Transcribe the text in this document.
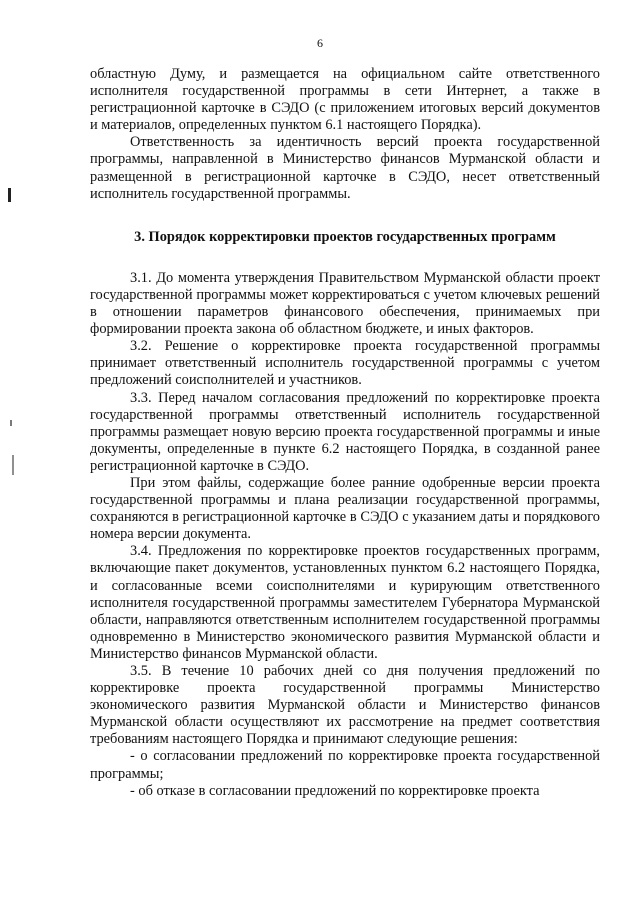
6

областную Думу, и размещается на официальном сайте ответственного исполнителя государственной программы в сети Интернет, а также в регистрационной карточке в СЭДО (с приложением итоговых версий документов и материалов, определенных пунктом 6.1 настоящего Порядка).

Ответственность за идентичность версий проекта государственной программы, направленной в Министерство финансов Мурманской области и размещенной в регистрационной карточке в СЭДО, несет ответственный исполнитель государственной программы.

3. Порядок корректировки проектов государственных программ

3.1. До момента утверждения Правительством Мурманской области проект государственной программы может корректироваться с учетом ключевых решений в отношении параметров финансового обеспечения, принимаемых при формировании проекта закона об областном бюджете, и иных факторов.

3.2. Решение о корректировке проекта государственной программы принимает ответственный исполнитель государственной программы с учетом предложений соисполнителей и участников.

3.3. Перед началом согласования предложений по корректировке проекта государственной программы ответственный исполнитель государственной программы размещает новую версию проекта государственной программы и иные документы, определенные в пункте 6.2 настоящего Порядка, в созданной ранее регистрационной карточке в СЭДО.

При этом файлы, содержащие более ранние одобренные версии проекта государственной программы и плана реализации государственной программы, сохраняются в регистрационной карточке в СЭДО с указанием даты и порядкового номера версии документа.

3.4. Предложения по корректировке проектов государственных программ, включающие пакет документов, установленных пунктом 6.2 настоящего Порядка, и согласованные всеми соисполнителями и курирующим ответственного исполнителя государственной программы заместителем Губернатора Мурманской области, направляются ответственным исполнителем государственной программы одновременно в Министерство экономического развития Мурманской области и Министерство финансов Мурманской области.

3.5. В течение 10 рабочих дней со дня получения предложений по корректировке проекта государственной программы Министерство экономического развития Мурманской области и Министерство финансов Мурманской области осуществляют их рассмотрение на предмет соответствия требованиям настоящего Порядка и принимают следующие решения:

- о согласовании предложений по корректировке проекта государственной программы;

- об отказе в согласовании предложений по корректировке проекта
